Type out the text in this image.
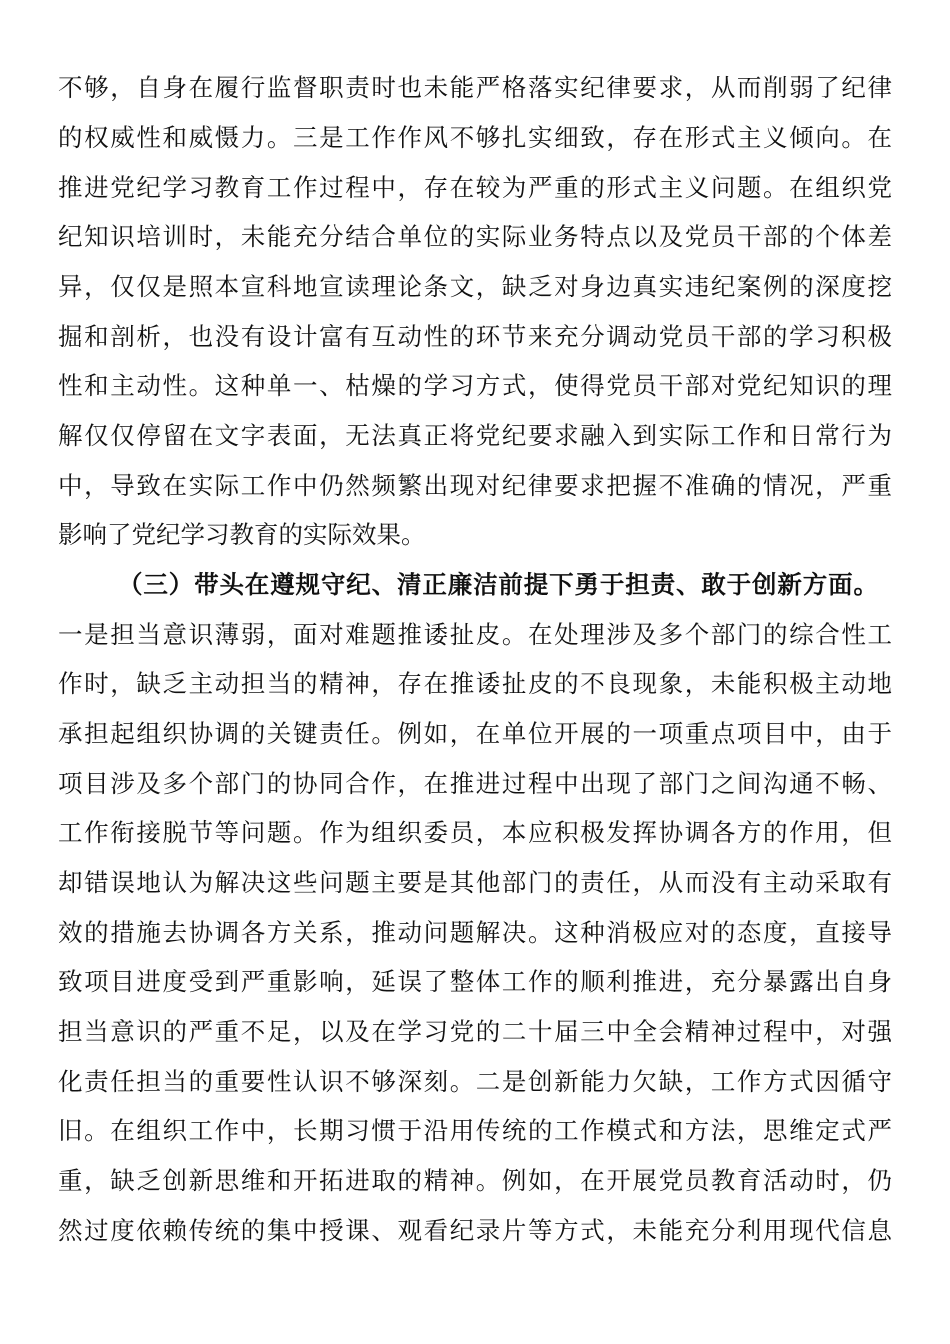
不够，自身在履行监督职责时也未能严格落实纪律要求，从而削弱了纪律
的权威性和威慑力。三是工作作风不够扎实细致，存在形式主义倾向。在
推进党纪学习教育工作过程中，存在较为严重的形式主义问题。在组织党
纪知识培训时，未能充分结合单位的实际业务特点以及党员干部的个体差
异，仅仅是照本宣科地宣读理论条文，缺乏对身边真实违纪案例的深度挖
掘和剖析，也没有设计富有互动性的环节来充分调动党员干部的学习积极
性和主动性。这种单一、枯燥的学习方式，使得党员干部对党纪知识的理
解仅仅停留在文字表面，无法真正将党纪要求融入到实际工作和日常行为
中，导致在实际工作中仍然频繁出现对纪律要求把握不准确的情况，严重
影响了党纪学习教育的实际效果。
（三）带头在遵规守纪、清正廉洁前提下勇于担责、敢于创新方面。
一是担当意识薄弱，面对难题推诿扯皮。在处理涉及多个部门的综合性工
作时，缺乏主动担当的精神，存在推诿扯皮的不良现象，未能积极主动地
承担起组织协调的关键责任。例如，在单位开展的一项重点项目中，由于
项目涉及多个部门的协同合作，在推进过程中出现了部门之间沟通不畅、
工作衔接脱节等问题。作为组织委员，本应积极发挥协调各方的作用，但
却错误地认为解决这些问题主要是其他部门的责任，从而没有主动采取有
效的措施去协调各方关系，推动问题解决。这种消极应对的态度，直接导
致项目进度受到严重影响，延误了整体工作的顺利推进，充分暴露出自身
担当意识的严重不足，以及在学习党的二十届三中全会精神过程中，对强
化责任担当的重要性认识不够深刻。二是创新能力欠缺，工作方式因循守
旧。在组织工作中，长期习惯于沿用传统的工作模式和方法，思维定式严
重，缺乏创新思维和开拓进取的精神。例如，在开展党员教育活动时，仍
然过度依赖传统的集中授课、观看纪录片等方式，未能充分利用现代信息
